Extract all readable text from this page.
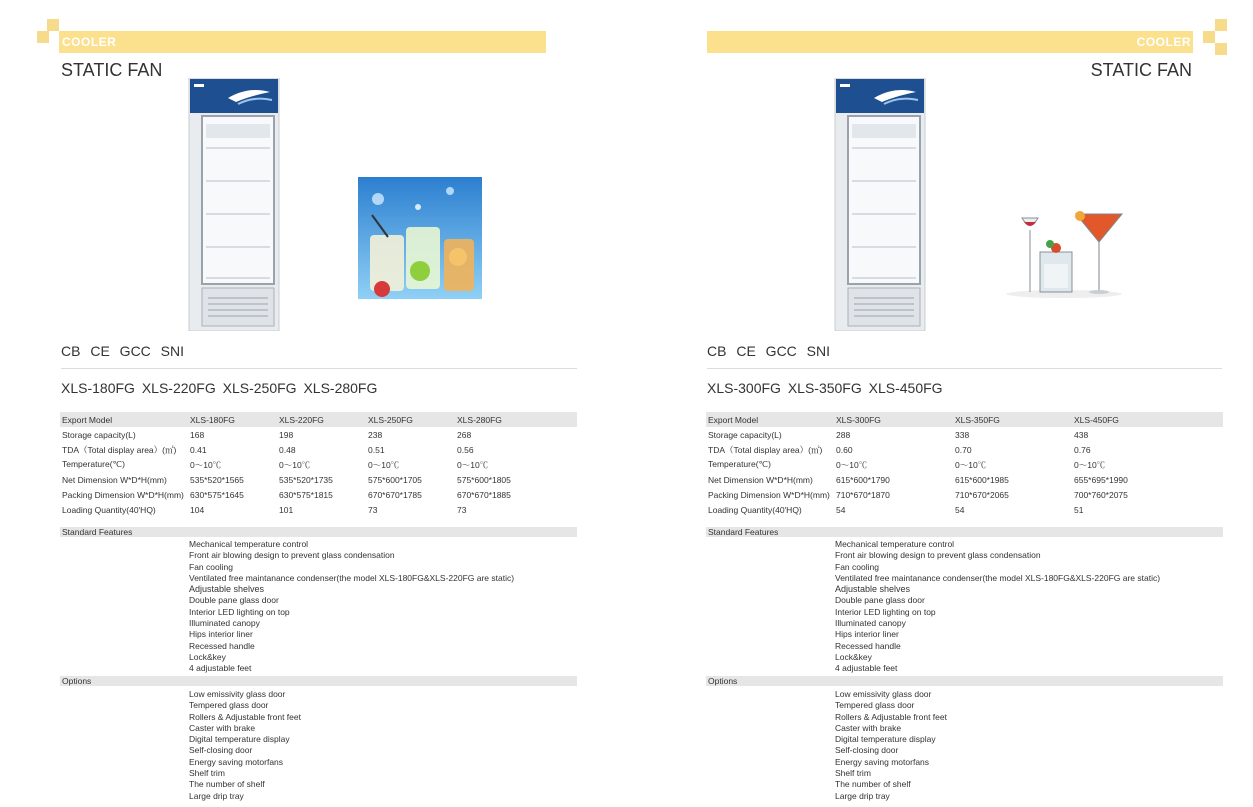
COOLER
STATIC FAN
CB CE GCC SNI
XLS-180FG XLS-220FG XLS-250FG XLS-280FG
Export Model	XLS-180FG	XLS-220FG	XLS-250FG	XLS-280FG
Storage capacity(L)	168	198	238	268
TDA（Total display area）(㎡)	0.41	0.48	0.51	0.56
Temperature(℃)	0～10℃	0～10℃	0～10℃	0～10℃
Net Dimension W*D*H(mm)	535*520*1565	535*520*1735	575*600*1705	575*600*1805
Packing Dimension W*D*H(mm)	630*575*1645	630*575*1815	670*670*1785	670*670*1885
Loading Quantity(40'HQ)	104	101	73	73
Standard Features
Mechanical temperature control
Front air blowing design to prevent glass condensation
Fan cooling
Ventilated free maintanance condenser(the model XLS-180FG&XLS-220FG are static)
Adjustable shelves
Double pane glass door
Interior LED lighting on top
Illuminated canopy
Hips interior liner
Recessed handle
Lock&key
4 adjustable feet
Options
Low emissivity glass door
Tempered glass door
Rollers & Adjustable front feet
Caster with brake
Digital temperature display
Self-closing door
Energy saving motorfans
Shelf trim
The number of shelf
Large drip tray
COOLER
STATIC FAN
CB CE GCC SNI
XLS-300FG XLS-350FG XLS-450FG
Export Model	XLS-300FG	XLS-350FG	XLS-450FG
Storage capacity(L)	288	338	438
TDA（Total display area）(㎡)	0.60	0.70	0.76
Temperature(℃)	0～10℃	0～10℃	0～10℃
Net Dimension W*D*H(mm)	615*600*1790	615*600*1985	655*695*1990
Packing Dimension W*D*H(mm)	710*670*1870	710*670*2065	700*760*2075
Loading Quantity(40'HQ)	54	54	51
Standard Features
Mechanical temperature control
Front air blowing design to prevent glass condensation
Fan cooling
Ventilated free maintanance condenser(the model XLS-180FG&XLS-220FG are static)
Adjustable shelves
Double pane glass door
Interior LED lighting on top
Illuminated canopy
Hips interior liner
Recessed handle
Lock&key
4 adjustable feet
Options
Low emissivity glass door
Tempered glass door
Rollers & Adjustable front feet
Caster with brake
Digital temperature display
Self-closing door
Energy saving motorfans
Shelf trim
The number of shelf
Large drip tray
